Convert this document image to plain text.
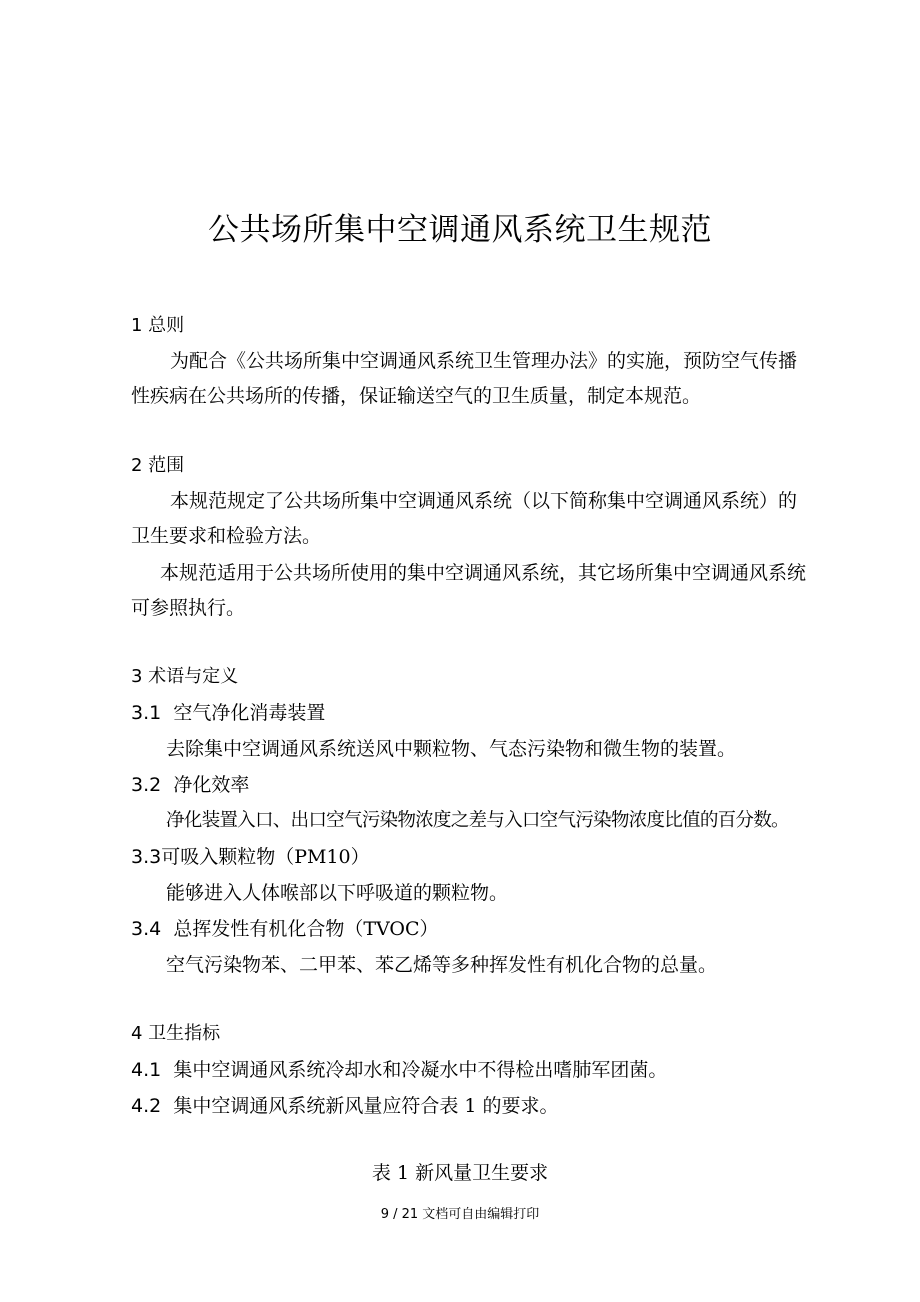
公共场所集中空调通风系统卫生规范
1 总则
为配合《公共场所集中空调通风系统卫生管理办法》的实施，预防空气传播
性疾病在公共场所的传播，保证输送空气的卫生质量，制定本规范。
2 范围
本规范规定了公共场所集中空调通风系统（以下简称集中空调通风系统）的
卫生要求和检验方法。
本规范适用于公共场所使用的集中空调通风系统，其它场所集中空调通风系统
可参照执行。
3 术语与定义
3.1 空气净化消毒装置
去除集中空调通风系统送风中颗粒物、气态污染物和微生物的装置。
3.2 净化效率
净化装置入口、出口空气污染物浓度之差与入口空气污染物浓度比值的百分数。
3.3可吸入颗粒物（PM10）
能够进入人体喉部以下呼吸道的颗粒物。
3.4 总挥发性有机化合物（TVOC）
空气污染物苯、二甲苯、苯乙烯等多种挥发性有机化合物的总量。
4 卫生指标
4.1 集中空调通风系统冷却水和冷凝水中不得检出嗜肺军团菌。
4.2 集中空调通风系统新风量应符合表 1 的要求。
表 1 新风量卫生要求
9 / 21 文档可自由编辑打印
